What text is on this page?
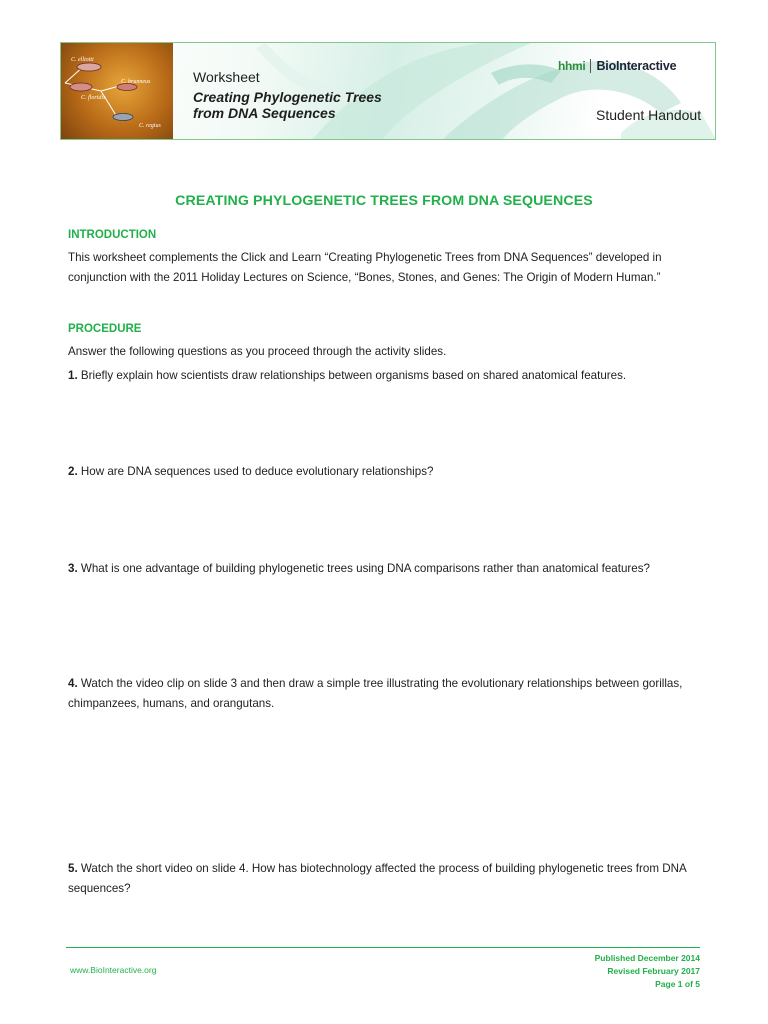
C. elliotti
C. brunneus
C. floridis
C. regius
Worksheet
Creating Phylogenetic Trees
from DNA Sequences
hhmi BioInteractive
Student Handout
CREATING PHYLOGENETIC TREES FROM DNA SEQUENCES
INTRODUCTION
This worksheet complements the Click and Learn “Creating Phylogenetic Trees from DNA Sequences” developed in conjunction with the 2011 Holiday Lectures on Science, “Bones, Stones, and Genes: The Origin of Modern Human.”
PROCEDURE
Answer the following questions as you proceed through the activity slides.
1. Briefly explain how scientists draw relationships between organisms based on shared anatomical features.
2. How are DNA sequences used to deduce evolutionary relationships?
3. What is one advantage of building phylogenetic trees using DNA comparisons rather than anatomical features?
4. Watch the video clip on slide 3 and then draw a simple tree illustrating the evolutionary relationships between gorillas, chimpanzees, humans, and orangutans.
5. Watch the short video on slide 4. How has biotechnology affected the process of building phylogenetic trees from DNA sequences?
www.BioInteractive.org
Published December 2014
Revised February 2017
Page 1 of 5
